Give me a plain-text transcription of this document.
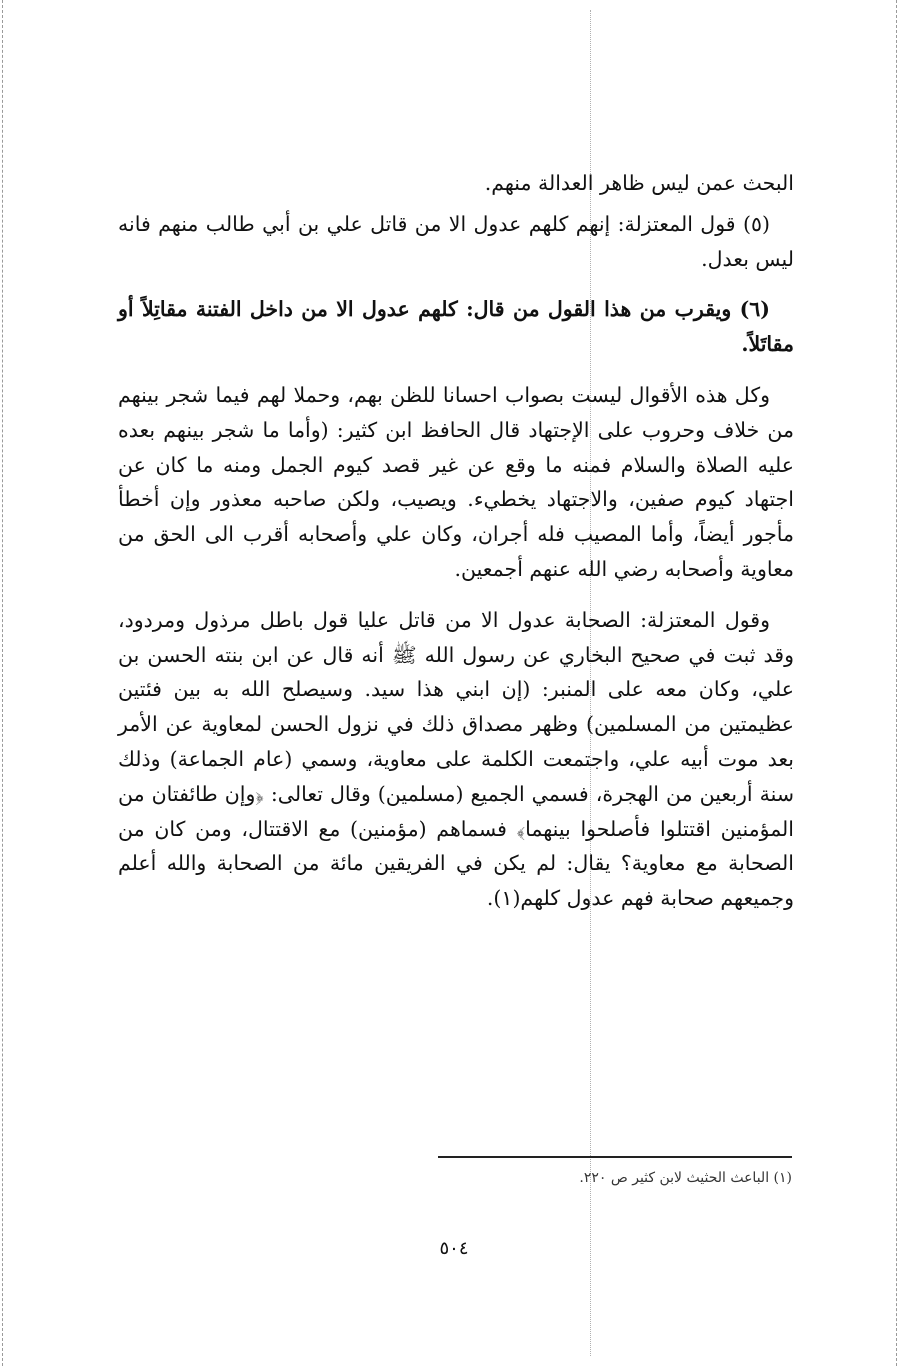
البحث عمن ليس ظاهر العدالة منهم.

(٥) قول المعتزلة: إنهم كلهم عدول الا من قاتل علي بن أبي طالب منهم فانه ليس بعدل.

(٦) ويقرب من هذا القول من قال: كلهم عدول الا من داخل الفتنة مقاتِلاً أو مقاتَلاً.

وكل هذه الأقوال ليست بصواب احسانا للظن بهم، وحملا لهم فيما شجر بينهم من خلاف وحروب على الإجتهاد قال الحافظ ابن كثير: (وأما ما شجر بينهم بعده عليه الصلاة والسلام فمنه ما وقع عن غير قصد كيوم الجمل ومنه ما كان عن اجتهاد كيوم صفين، والاجتهاد يخطيء. ويصيب، ولكن صاحبه معذور وإن أخطأ مأجور أيضاً، وأما المصيب فله أجران، وكان علي وأصحابه أقرب الى الحق من معاوية وأصحابه رضي الله عنهم أجمعين.

وقول المعتزلة: الصحابة عدول الا من قاتل عليا قول باطل مرذول ومردود، وقد ثبت في صحيح البخاري عن رسول الله ﷺ أنه قال عن ابن بنته الحسن بن علي، وكان معه على المنبر: (إن ابني هذا سيد. وسيصلح الله به بين فئتين عظيمتين من المسلمين) وظهر مصداق ذلك في نزول الحسن لمعاوية عن الأمر بعد موت أبيه علي، واجتمعت الكلمة على معاوية، وسمي (عام الجماعة) وذلك سنة أربعين من الهجرة، فسمي الجميع (مسلمين) وقال تعالى: ﴿وإن طائفتان من المؤمنين اقتتلوا فأصلحوا بينهما﴾ فسماهم (مؤمنين) مع الاقتتال، ومن كان من الصحابة مع معاوية؟ يقال: لم يكن في الفريقين مائة من الصحابة والله أعلم وجميعهم صحابة فهم عدول كلهم(١).

(١) الباعث الحثيث لابن كثير ص ٢٢٠.
٥٠٤
